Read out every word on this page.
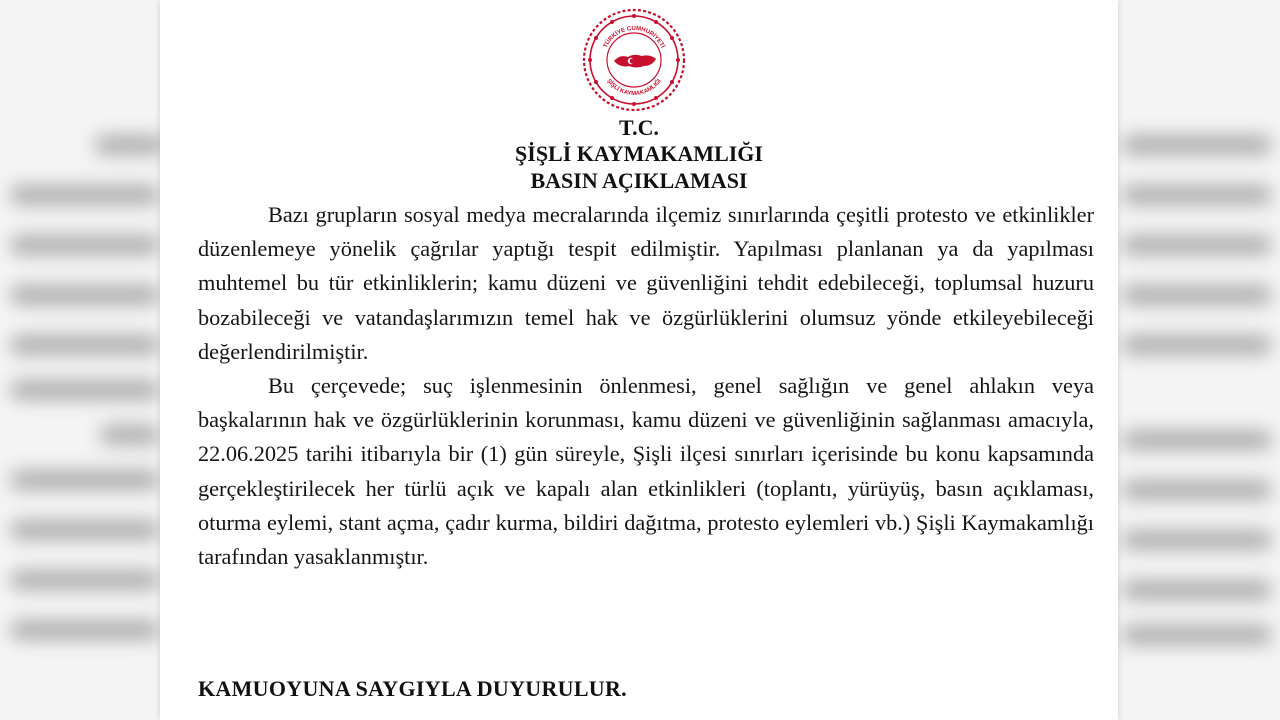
TÜRKİYE CUMHURİYETİ
ŞİŞLİ KAYMAKAMLIĞI
T.C.
ŞİŞLİ KAYMAKAMLIĞI
BASIN AÇIKLAMASI

Bazı grupların sosyal medya mecralarında ilçemiz sınırlarında çeşitli protesto ve etkinlikler düzenlemeye yönelik çağrılar yaptığı tespit edilmiştir. Yapılması planlanan ya da yapılması muhtemel bu tür etkinliklerin; kamu düzeni ve güvenliğini tehdit edebileceği, toplumsal huzuru bozabileceği ve vatandaşlarımızın temel hak ve özgürlüklerini olumsuz yönde etkileyebileceği değerlendirilmiştir.

Bu çerçevede; suç işlenmesinin önlenmesi, genel sağlığın ve genel ahlakın veya başkalarının hak ve özgürlüklerinin korunması, kamu düzeni ve güvenliğinin sağlanması amacıyla, 22.06.2025 tarihi itibarıyla bir (1) gün süreyle, Şişli ilçesi sınırları içerisinde bu konu kapsamında gerçekleştirilecek her türlü açık ve kapalı alan etkinlikleri (toplantı, yürüyüş, basın açıklaması, oturma eylemi, stant açma, çadır kurma, bildiri dağıtma, protesto eylemleri vb.) Şişli Kaymakamlığı tarafından yasaklanmıştır.

KAMUOYUNA SAYGIYLA DUYURULUR.
